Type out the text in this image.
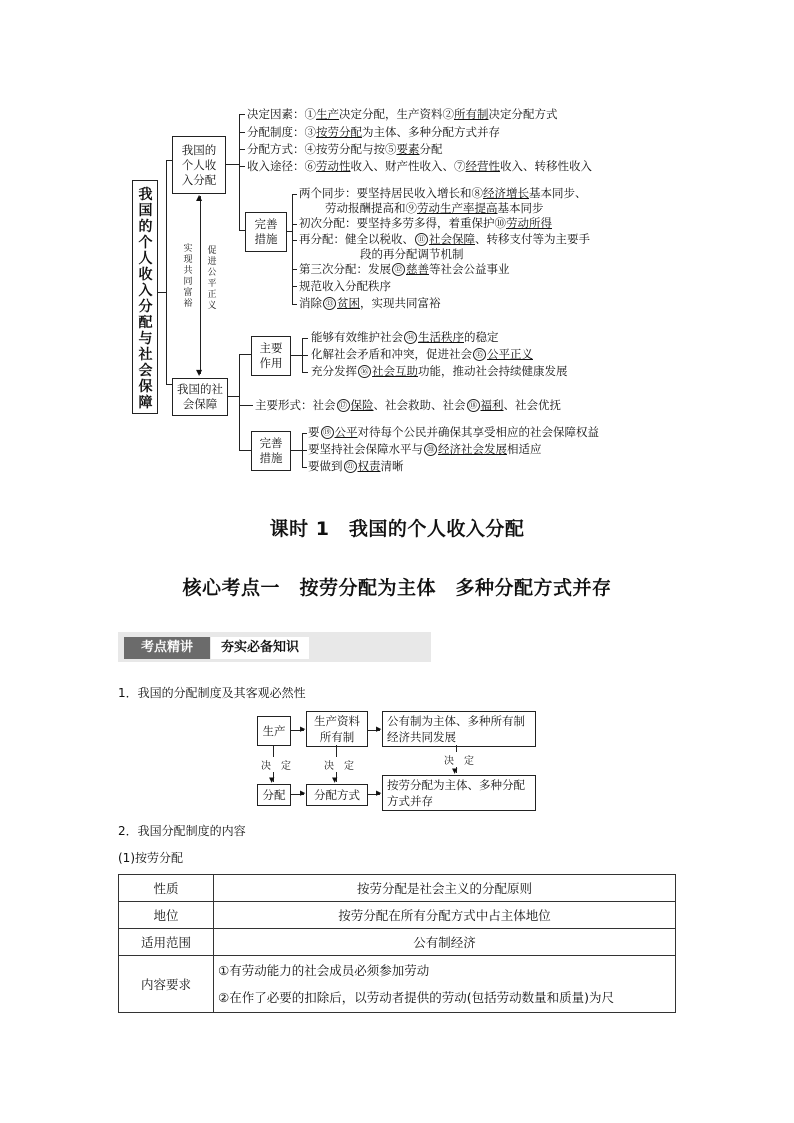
我国的个人收入分配与社会保障
我国的个人收入分配
我国的社会保障
▲
▼
实现共同富裕
促进公平正义
决定因素：①生产决定分配，生产资料②所有制决定分配方式
分配制度：③按劳分配为主体、多种分配方式并存
分配方式：④按劳分配与按⑤要素分配
收入途径：⑥劳动性收入、财产性收入、⑦经营性收入、转移性收入
完善措施
两个同步：要坚持居民收入增长和⑧经济增长基本同步、
劳动报酬提高和⑨劳动生产率提高基本同步
初次分配：要坚持多劳多得，着重保护⑩劳动所得
再分配：健全以税收、 ⑪ 社会保障、转移支付等为主要手
段的再分配调节机制
第三次分配：发展 ⑫ 慈善等社会公益事业
规范收入分配秩序
消除 ⑬ 贫困，实现共同富裕
主要作用
能够有效维护社会 ⑭ 生活秩序的稳定
化解社会矛盾和冲突，促进社会 ⑮ 公平正义
充分发挥 ⑯ 社会互助功能，推动社会持续健康发展
主要形式：社会 ⑰ 保险、社会救助、社会 ⑱ 福利、社会优抚
完善措施
要 ⑲ 公平对待每个公民并确保其享受相应的社会保障权益
要坚持社会保障水平与 ⑳ 经济社会发展相适应
要做到 ㉑ 权责清晰
课时 1　我国的个人收入分配
核心考点一　按劳分配为主体　多种分配方式并存
考点精讲	夯实必备知识
1．我国的分配制度及其客观必然性
生产
生产资料所有制
公有制为主体、多种所有制经济共同发展
分配	分配方式
按劳分配为主体、多种分配方式并存
▶	▶
▶	▶
▼
决　定
▼
决　定	▼
决　定
2．我国分配制度的内容
(1)按劳分配
性质	按劳分配是社会主义的分配原则
地位	按劳分配在所有分配方式中占主体地位
适用范围	公有制经济
内容要求	①有劳动能力的社会成员必须参加劳动
②在作了必要的扣除后，以劳动者提供的劳动(包括劳动数量和质量)为尺
